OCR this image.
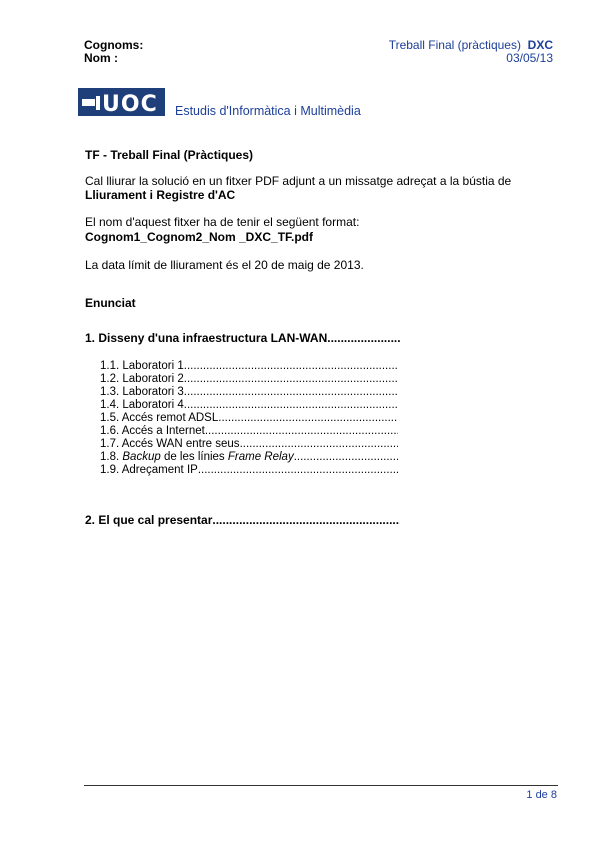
Cognoms:
Nom :
Treball Final (pràctiques) DXC
03/05/13
UOC Estudis d'Informàtica i Multimèdia
TF - Treball Final (Pràctiques)
Cal lliurar la solució en un fitxer PDF adjunt a un missatge adreçat a la bústia de
Lliurament i Registre d'AC
El nom d'aquest fitxer ha de tenir el següent format:
Cognom1_Cognom2_Nom _DXC_TF.pdf
La data límit de lliurament és el 20 de maig de 2013.
Enunciat
1. Disseny d'una infraestructura LAN-WAN
.....
1.1. Laboratori 1
.....
1.2. Laboratori 2
.....
1.3. Laboratori 3
.....
1.4. Laboratori 4
.....
1.5. Accés remot ADSL
.....
1.6. Accés a Internet
.....
1.7. Accés WAN entre seus
.....
1.8. Backup de les línies Frame Relay
.....
1.9. Adreçament IP
.....
2. El que cal presentar
.....
1 de 8
